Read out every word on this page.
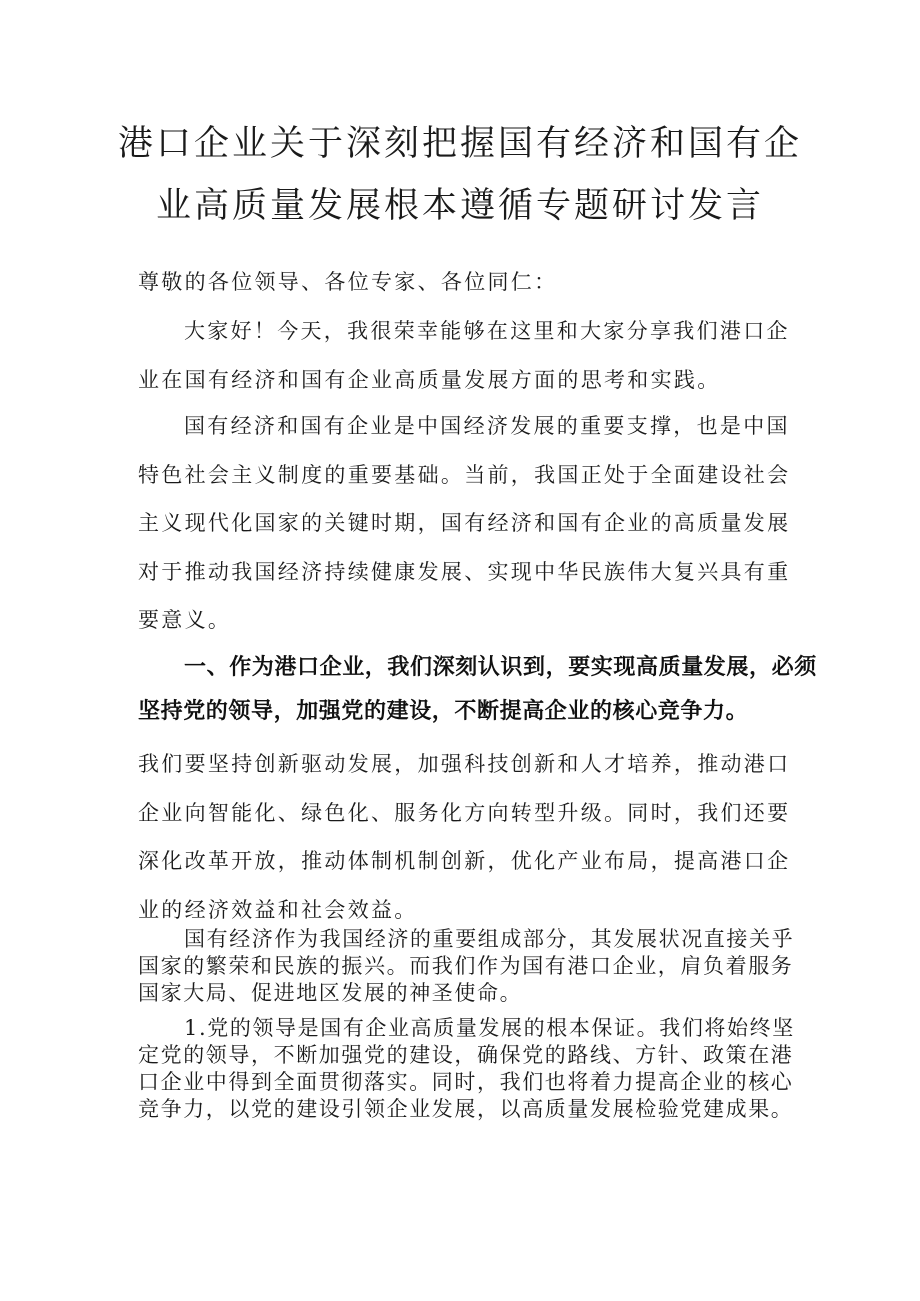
港口企业关于深刻把握国有经济和国有企
业高质量发展根本遵循专题研讨发言

尊敬的各位领导、各位专家、各位同仁：

大家好！今天，我很荣幸能够在这里和大家分享我们港口企业在国有经济和国有企业高质量发展方面的思考和实践。

国有经济和国有企业是中国经济发展的重要支撑，也是中国特色社会主义制度的重要基础。当前，我国正处于全面建设社会主义现代化国家的关键时期，国有经济和国有企业的高质量发展对于推动我国经济持续健康发展、实现中华民族伟大复兴具有重要意义。

一、作为港口企业，我们深刻认识到，要实现高质量发展，必须坚持党的领导，加强党的建设，不断提高企业的核心竞争力。

我们要坚持创新驱动发展，加强科技创新和人才培养，推动港口企业向智能化、绿色化、服务化方向转型升级。同时，我们还要深化改革开放，推动体制机制创新，优化产业布局，提高港口企业的经济效益和社会效益。

国有经济作为我国经济的重要组成部分，其发展状况直接关乎国家的繁荣和民族的振兴。而我们作为国有港口企业，肩负着服务国家大局、促进地区发展的神圣使命。

1.党的领导是国有企业高质量发展的根本保证。我们将始终坚定党的领导，不断加强党的建设，确保党的路线、方针、政策在港口企业中得到全面贯彻落实。同时，我们也将着力提高企业的核心竞争力，以党的建设引领企业发展，以高质量发展检验党建成果。
